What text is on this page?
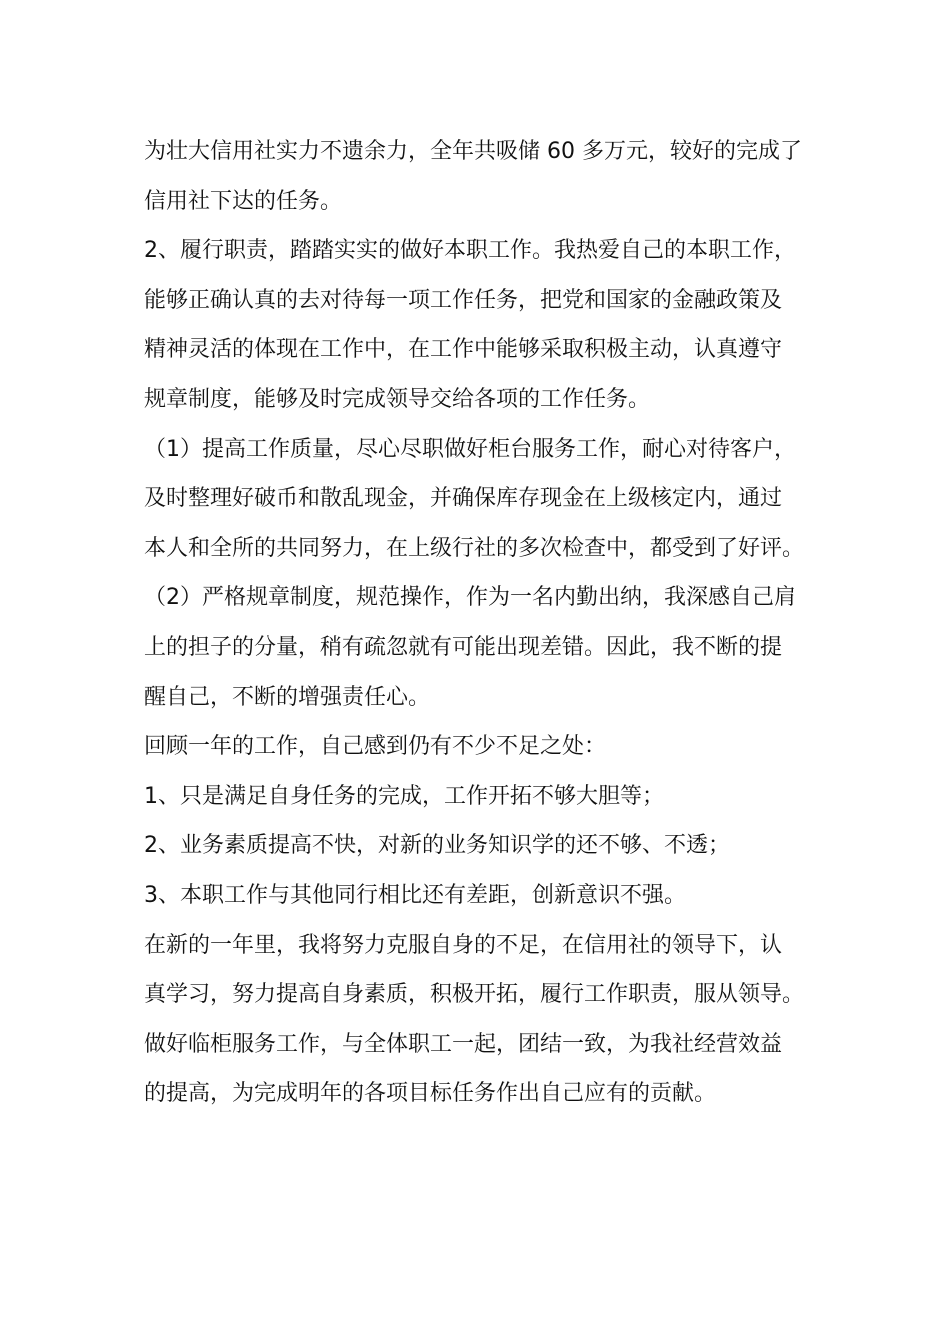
为壮大信用社实力不遗余力，全年共吸储 60 多万元，较好的完成了
信用社下达的任务。

2、履行职责，踏踏实实的做好本职工作。我热爱自己的本职工作，
能够正确认真的去对待每一项工作任务，把党和国家的金融政策及
精神灵活的体现在工作中，在工作中能够采取积极主动，认真遵守
规章制度，能够及时完成领导交给各项的工作任务。

（1）提高工作质量，尽心尽职做好柜台服务工作，耐心对待客户，
及时整理好破币和散乱现金，并确保库存现金在上级核定内，通过
本人和全所的共同努力，在上级行社的多次检查中，都受到了好评。

（2）严格规章制度，规范操作，作为一名内勤出纳，我深感自己肩
上的担子的分量，稍有疏忽就有可能出现差错。因此，我不断的提
醒自己，不断的增强责任心。

回顾一年的工作，自己感到仍有不少不足之处：

1、只是满足自身任务的完成，工作开拓不够大胆等；

2、业务素质提高不快，对新的业务知识学的还不够、不透；

3、本职工作与其他同行相比还有差距，创新意识不强。

在新的一年里，我将努力克服自身的不足，在信用社的领导下，认
真学习，努力提高自身素质，积极开拓，履行工作职责，服从领导。
做好临柜服务工作，与全体职工一起，团结一致，为我社经营效益
的提高，为完成明年的各项目标任务作出自己应有的贡献。
